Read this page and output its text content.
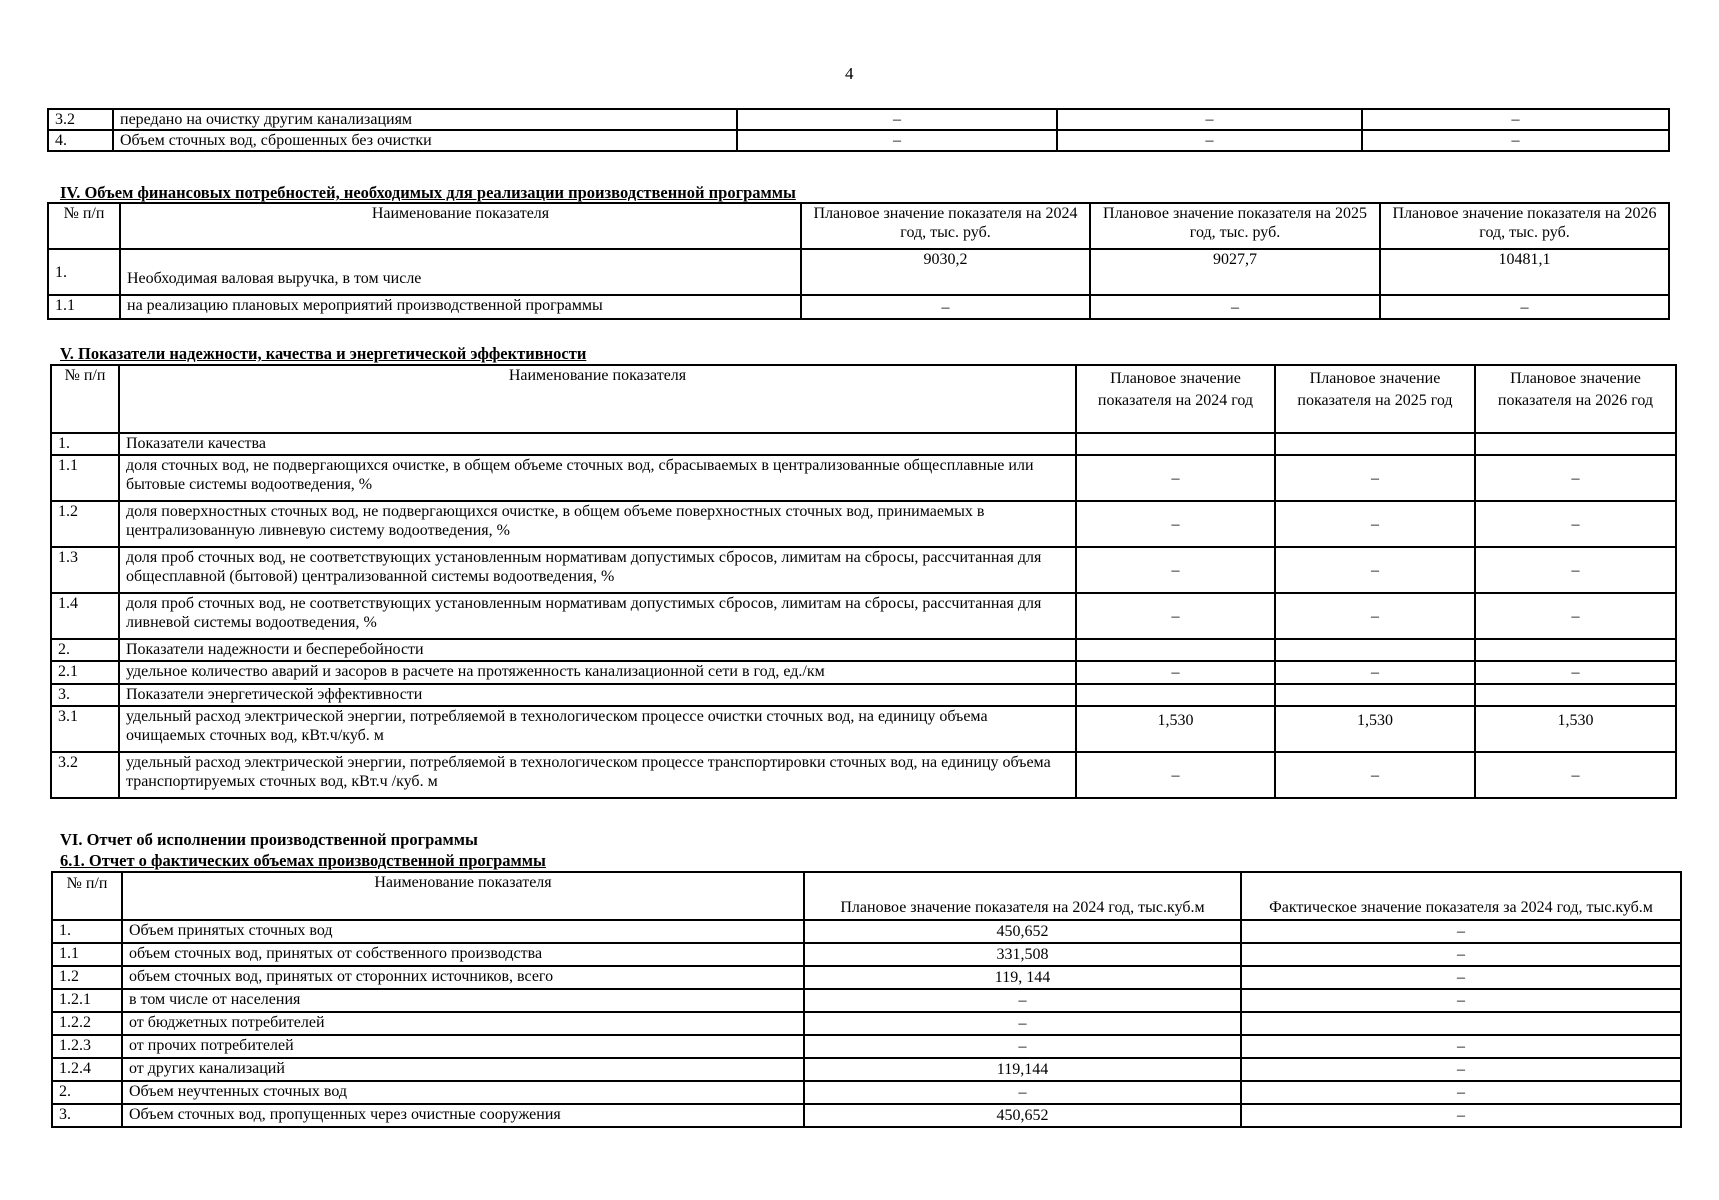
4
3.2	передано на очистку другим канализациям	–	–	–
4.	Объем сточных вод, сброшенных без очистки	–	–	–
IV. Объем финансовых потребностей, необходимых для реализации производственной программы
№ п/п	Наименование показателя	Плановое значение показателя на 2024 год, тыс. руб.	Плановое значение показателя на 2025 год, тыс. руб.	Плановое значение показателя на 2026 год, тыс. руб.
1.	Необходимая валовая выручка, в том числе	9030,2	9027,7	10481,1
1.1	на реализацию плановых мероприятий производственной программы	–	–	–
V. Показатели надежности, качества и энергетической эффективности
№ п/п	Наименование показателя	Плановое значение показателя на 2024 год	Плановое значение показателя на 2025 год	Плановое значение показателя на 2026 год
1.	Показатели качества			
1.1	доля сточных вод, не подвергающихся очистке, в общем объеме сточных вод, сбрасываемых в централизованные общесплавные или бытовые системы водоотведения, %	–	–	–
1.2	доля поверхностных сточных вод, не подвергающихся очистке, в общем объеме поверхностных сточных вод, принимаемых в централизованную ливневую систему водоотведения, %	–	–	–
1.3	доля проб сточных вод, не соответствующих установленным нормативам допустимых сбросов, лимитам на сбросы, рассчитанная для общесплавной (бытовой) централизованной системы водоотведения, %	–	–	–
1.4	доля проб сточных вод, не соответствующих установленным нормативам допустимых сбросов, лимитам на сбросы, рассчитанная для ливневой системы водоотведения, %	–	–	–
2.	Показатели надежности и бесперебойности			
2.1	удельное количество аварий и засоров в расчете на протяженность канализационной сети в год, ед./км	–	–	–
3.	Показатели энергетической эффективности			
3.1	удельный расход электрической энергии, потребляемой в технологическом процессе очистки сточных вод, на единицу объема очищаемых сточных вод, кВт.ч/куб. м	1,530	1,530	1,530
3.2	удельный расход электрической энергии, потребляемой в технологическом процессе транспортировки сточных вод, на единицу объема транспортируемых сточных вод, кВт.ч /куб. м	–	–	–
VI. Отчет об исполнении производственной программы
6.1. Отчет о фактических объемах производственной программы
№ п/п	Наименование показателя	Плановое значение показателя на 2024 год, тыс.куб.м	Фактическое значение показателя за 2024 год, тыс.куб.м
1.	Объем принятых сточных вод	450,652	–
1.1	объем сточных вод, принятых от собственного производства	331,508	–
1.2	объем сточных вод, принятых от сторонних источников, всего	119, 144	–
1.2.1	в том числе от населения	–	–
1.2.2	от бюджетных потребителей	–	
1.2.3	от прочих потребителей	–	–
1.2.4	от других канализаций	119,144	–
2.	Объем неучтенных сточных вод	–	–
3.	Объем сточных вод, пропущенных через очистные сооружения	450,652	–
